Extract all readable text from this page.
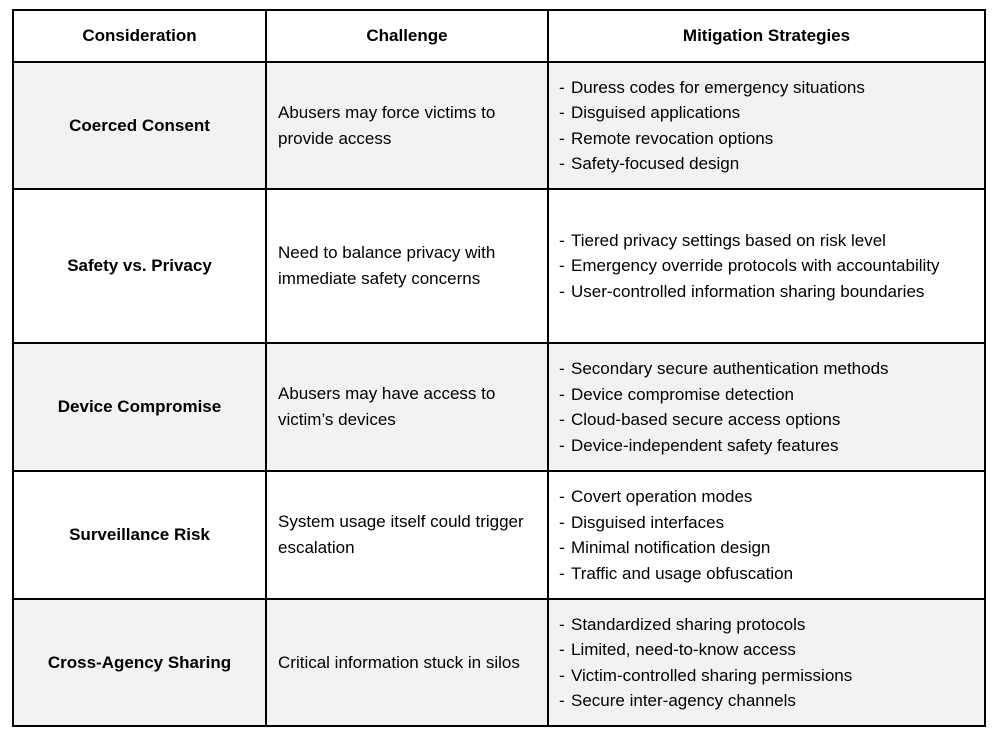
Consideration	Challenge	Mitigation Strategies
Coerced Consent	Abusers may force victims to provide access	- Duress codes for emergency situations
- Disguised applications
- Remote revocation options
- Safety-focused design

Safety vs. Privacy	Need to balance privacy with immediate safety concerns	- Tiered privacy settings based on risk level
- Emergency override protocols with accountability
- User-controlled information sharing boundaries

Device Compromise	Abusers may have access to victim’s devices	- Secondary secure authentication methods
- Device compromise detection
- Cloud-based secure access options
- Device-independent safety features

Surveillance Risk	System usage itself could trigger escalation	- Covert operation modes
- Disguised interfaces
- Minimal notification design
- Traffic and usage obfuscation

Cross-Agency Sharing	Critical information stuck in silos	- Standardized sharing protocols
- Limited, need-to-know access
- Victim-controlled sharing permissions
- Secure inter-agency channels
